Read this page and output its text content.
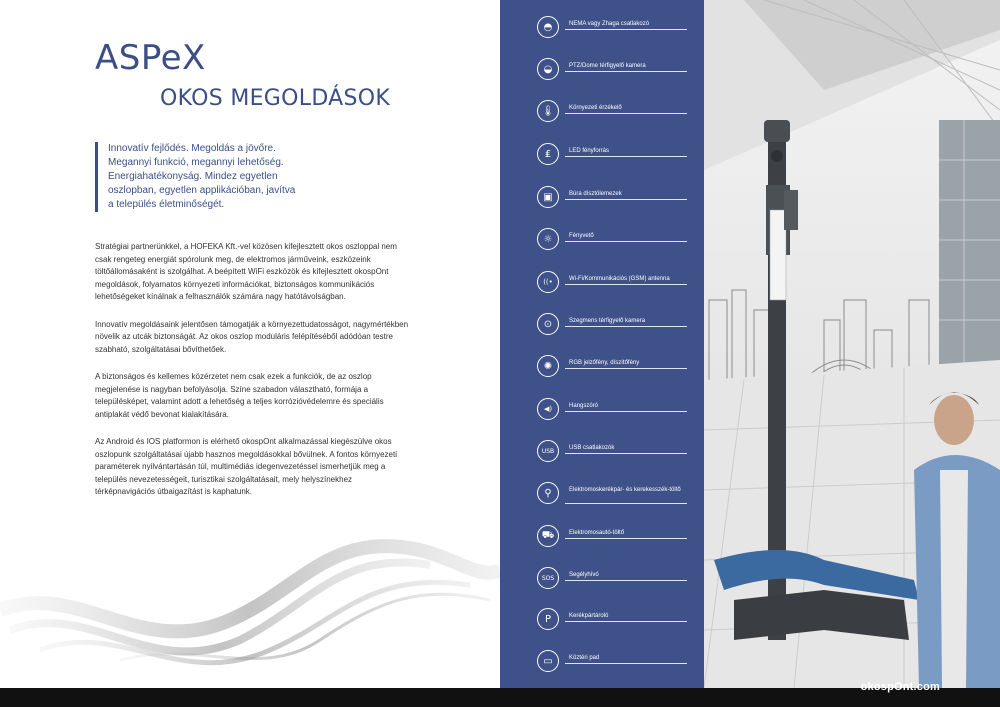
ASPeX
OKOS MEGOLDÁSOK

Innovatív fejlődés. Megoldás a jövőre.

Megannyi funkció, megannyi lehetőség.

Energiahatékonyság. Mindez egyetlen

oszlopban, egyetlen applikációban, javítva

a település életminőségét.

Stratégiai partnerünkkel, a HOFEKA Kft.-vel közösen kifejlesztett okos oszloppal nem csak rengeteg energiát spórolunk meg, de elektromos járműveink, eszközeink töltőállomásaként is szolgálhat. A beépített WiFi eszközök és kifejlesztett okospOnt megoldások, folyamatos környezeti információkat, biztonságos kommunikációs lehetőségeket kínálnak a felhasználók számára nagy hatótávolságban.

Innovatív megoldásaink jelentősen támogatják a környezettudatosságot, nagymértékben növelik az utcák biztonságát. Az okos oszlop moduláris felépítéséből adódóan testre szabható, szolgáltatásai bővíthetőek.

A biztonságos és kellemes közérzetet nem csak ezek a funkciók, de az oszlop megjelenése is nagyban befolyásolja. Színe szabadon választható, formája a településképet, valamint adott a lehetőség a teljes korrózióvédelemre és speciális antiplakát védő bevonat kialakítására.

Az Android és IOS platformon is elérhető okospOnt alkalmazással kiegészülve okos oszlopunk szolgáltatásai újabb hasznos megoldásokkal bővülnek. A fontos környezeti paraméterek nyilvántartásán túl, multimédiás idegenvezetéssel ismerhetjük meg a település nevezetességeit, turisztikai szolgáltatásait, mely helyszínekhez térképnavigációs útbaigazítást is kaphatunk.

◓	NEMA vagy Zhaga csatlakozó
◒	PTZ/Dome térfigyelő kamera
🌡	Környezeti érzékelő
₤	LED fényforrás
▣	Búra dísztölemezek
☼	Fényvető
((•	Wi-Fi/Kommunikációs (GSM) antenna
⊙	Szegmens térfigyelő kamera
✺	RGB jelzőfény, díszítőfény
◀)	Hangszóró
USB	USB csatlakozók
⚲	Elektromoskerékpár- és kerekesszék-töltő
⛟	Elektromosautó-töltő
SOS	Segélyhívó
P	Kerékpártároló
▭	Köztéri pad
okospOnt.com
